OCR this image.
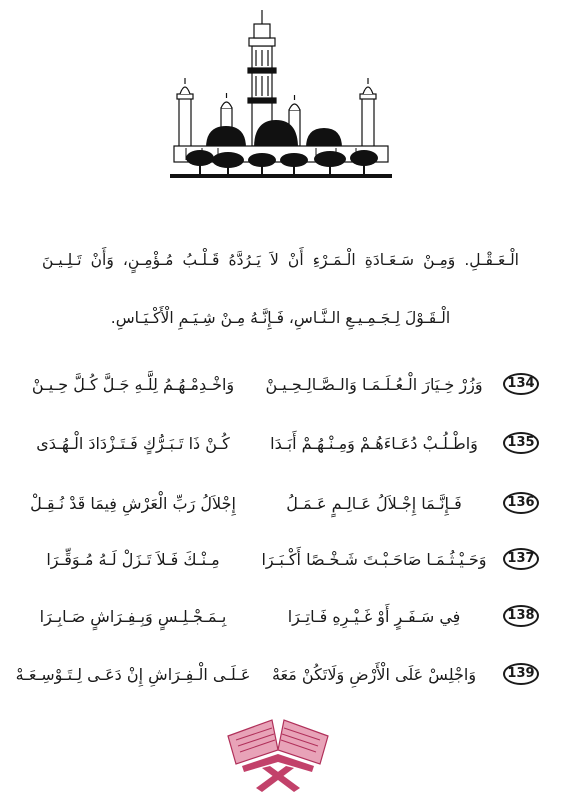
الْـعَـقْـلِ. وَمِـنْ سَـعَـادَةِ الْـمَـرْءِ أَنْ لاَ يَـرُدَّهُ قَـلْـبُ مُـؤْمِـنٍ، وَأَنْ تَـلِـيـنَ
الْـقَـوْلَ لِـجَـمِـيـعِ الـنَّـاسِ، فَـإِنَّـهُ مِـنْ شِـيَـمِ الْأَكْـيَـاسِ.
134
وَزُرْ خِـيَارَ الْـعُـلَـمَـا وَالـصَّـالِـحِـيـنْ
وَاخْـدِمْـهُـمُ لِلَّـهِ جَـلَّ كُـلَّ حِـيـنْ
135
وَاطْـلُـبْ دُعَـاءَهُـمْ وَمِـنْـهُـمْ أَبَـدَا
كُـنْ ذَا تَـبَـرُّكٍ فَـتَـزْدَادَ الْـهُـدَى
136
فَـإِنَّـمَا إِجْـلاَلُ عَـالِـمٍ عَـمَـلُ
إِجْلاَلُ رَبِّ الْعَرْشِ فِيمَا قَدْ نُـقِـلْ
137
وَحَـيْـثُـمَـا صَاحَـبْـتَ شَـخْـصًا أَكْـبَـرَا
مِـنْـكَ فَـلاَ تَـزَلْ لَـهُ مُـوَقِّـرَا
138
فِي سَـفَـرٍ أَوْ غَـيْـرِهِ فَـاتِـرَا
بِـمَـجْـلِـسٍ وَبِـفِـرَاشٍ صَـابِـرَا
139
وَاجْلِسْ عَلَى الْأَرْضِ وَلَاتَكُنْ مَعَهْ
عَـلَـى الْـفِـرَاشِ إِنْ دَعَـى لِـتَـوْسِـعَـهْ
